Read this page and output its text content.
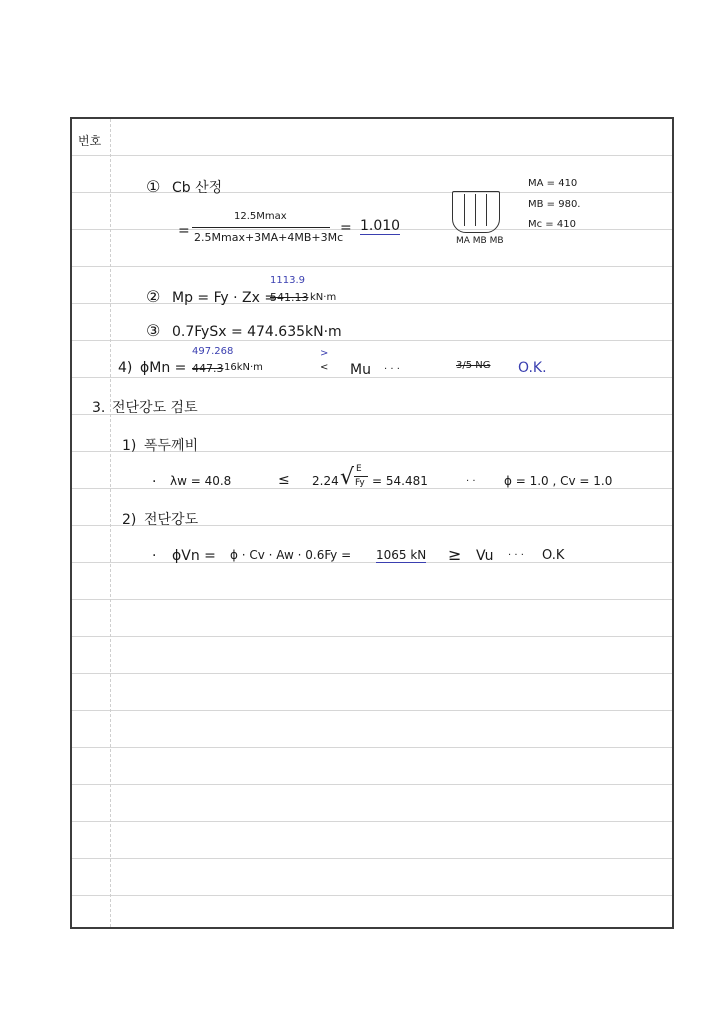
번호
① Cb 산정
=
12.5Mmax
2.5Mmax+3MA+4MB+3Mc
= 1.010
MA MB MB
MA = 410
MB = 980.
Mc = 410
② Mp = Fy · Zx =
1113.9
541.13 kN·m
③ 0.7FySx = 474.635kN·m
4) ϕMn =
497.268
447.3 16kN·m
>
< Mu · · ·	3/5 NG O.K.
3. 전단강도 검토
1) 폭두께비
· λw = 40.8	≤ 2.24 √ E
Fy = 54.481	· · ϕ = 1.0 , Cv = 1.0
2) 전단강도
· ϕVn = ϕ · Cv · Aw · 0.6Fy = 1065 kN ≥ Vu · · · O.K
